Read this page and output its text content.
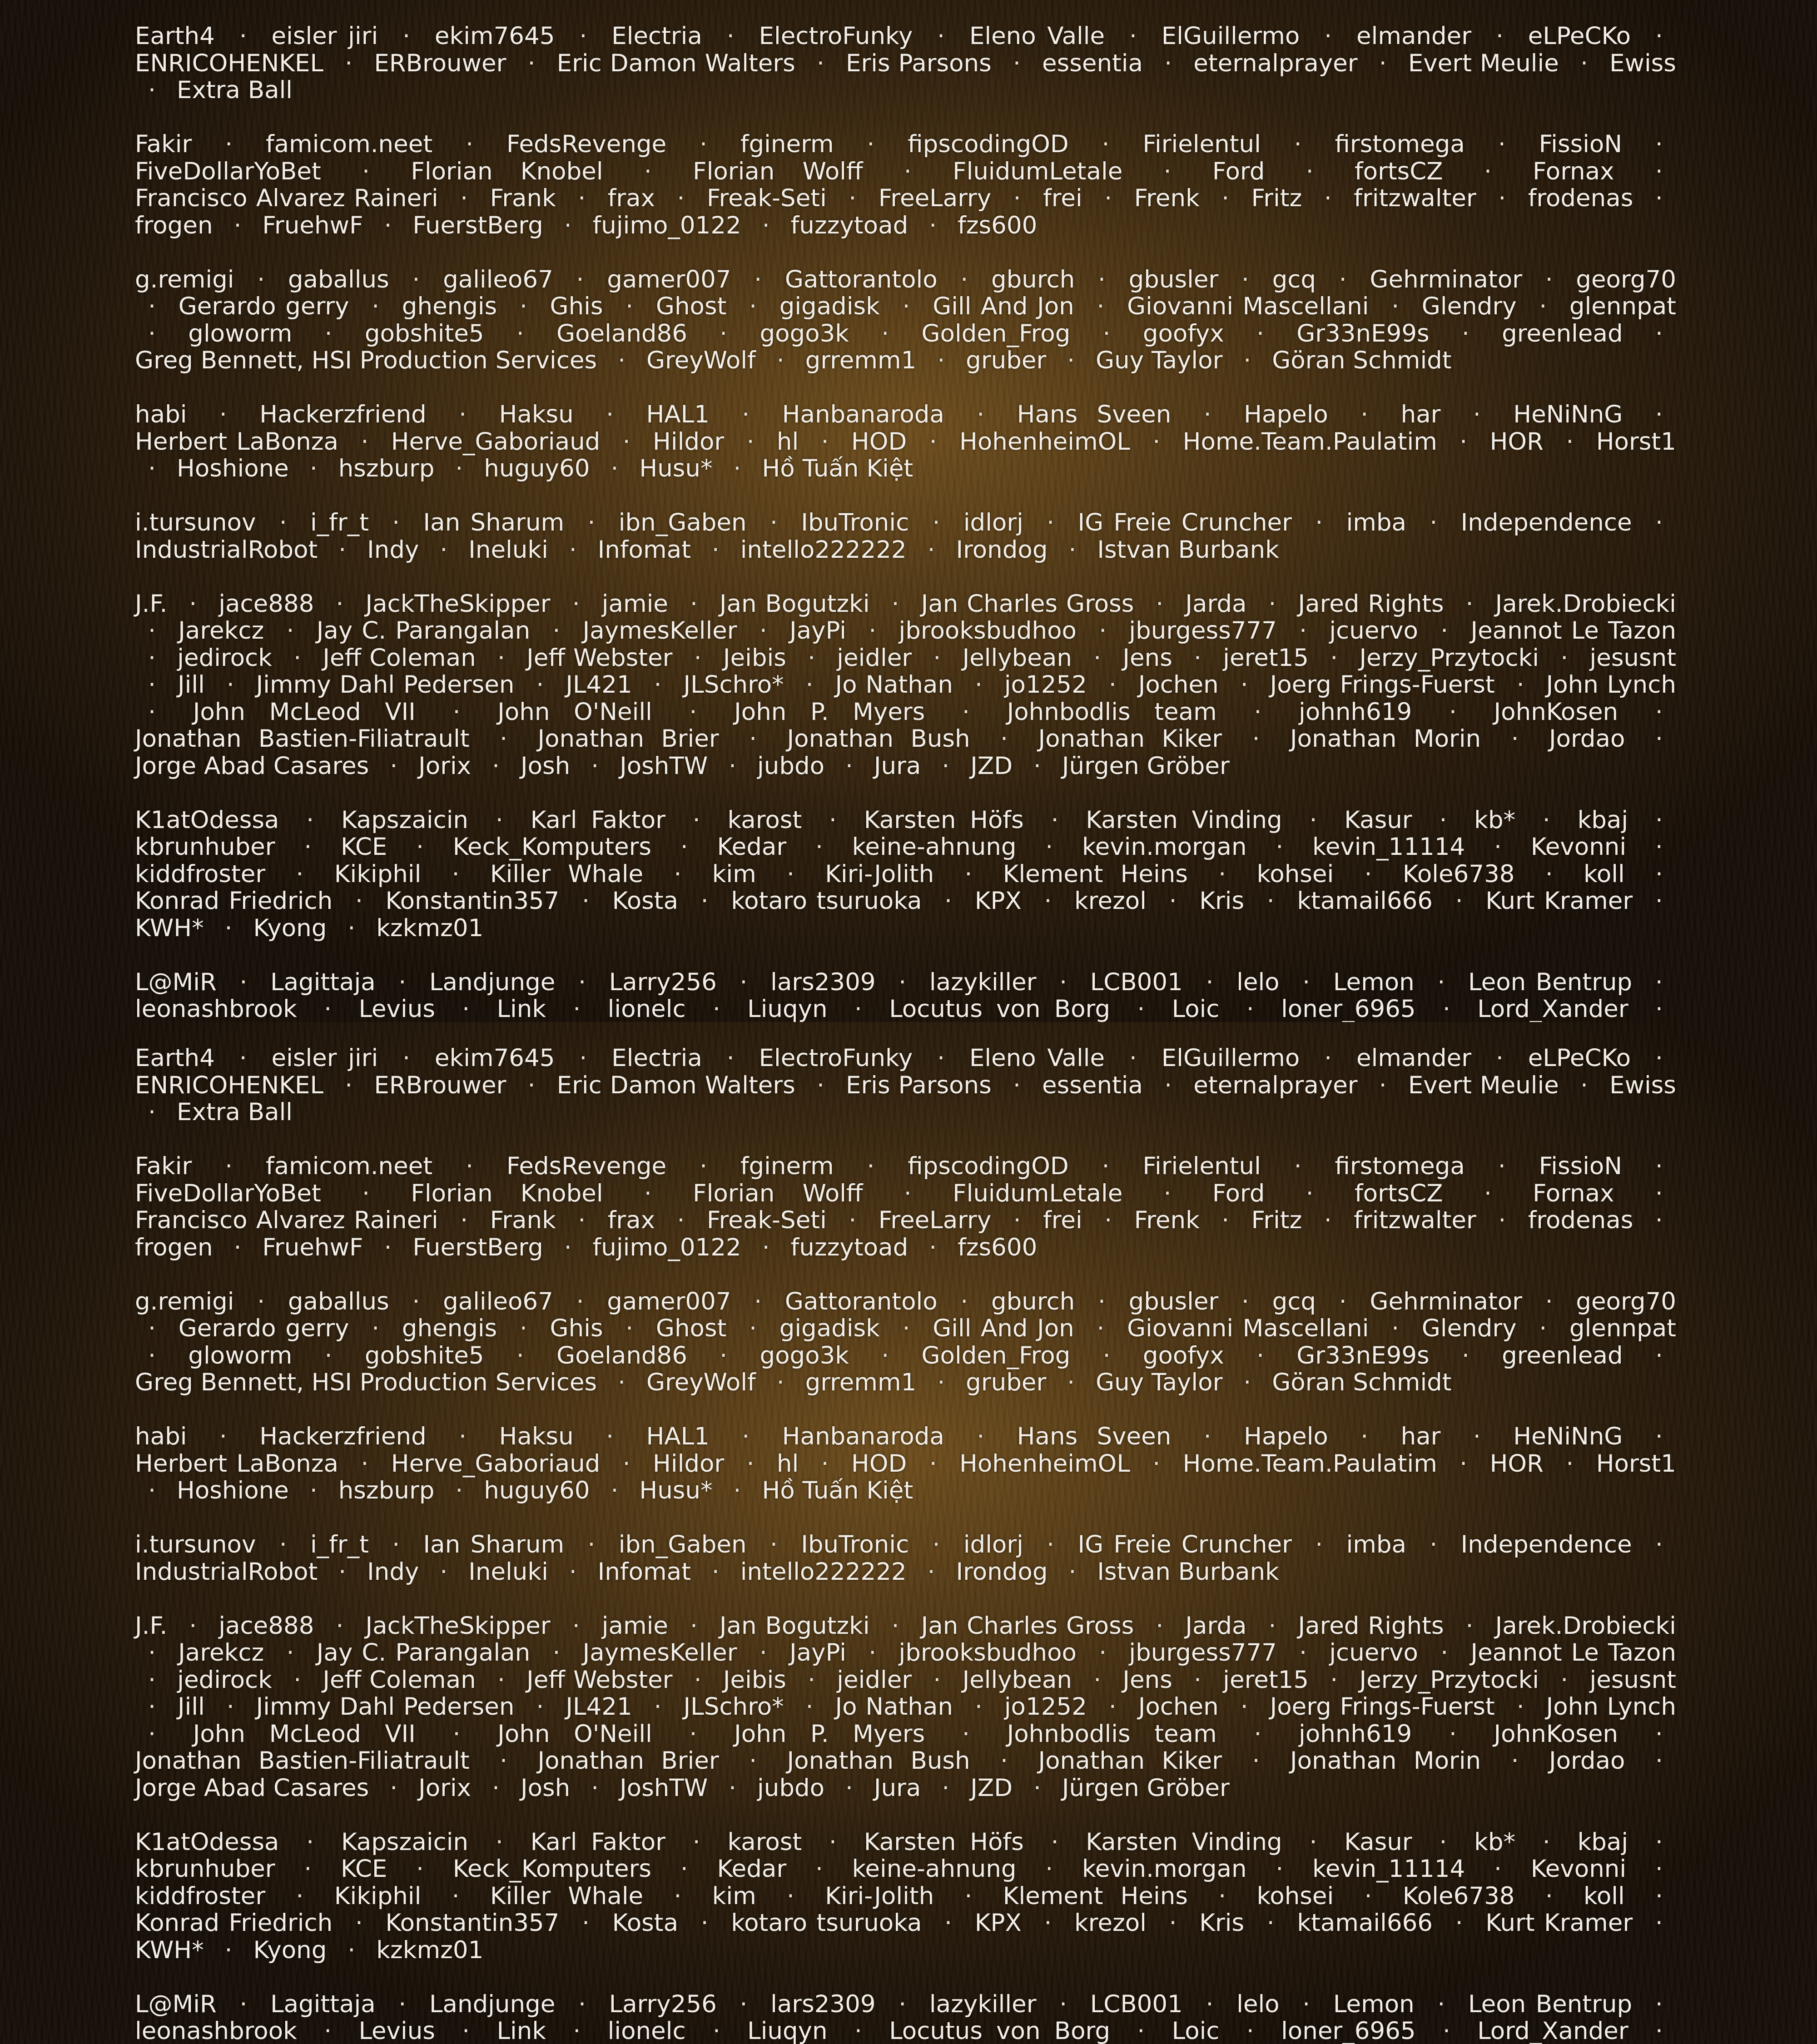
Earth4 · eisler jiri · ekim7645 · Electria · ElectroFunky · Eleno Valle · ElGuillermo · elmander · eLPeCKo · ENRICOHENKEL · ERBrouwer · Eric Damon Walters · Eris Parsons · essentia · eternalprayer · Evert Meulie · Ewiss · Extra Ball
Fakir · famicom.neet · FedsRevenge · fginerm · fipscodingOD · Firielentul · firstomega · FissioN · FiveDollarYoBet · Florian Knobel · Florian Wolff · FluidumLetale · Ford · fortsCZ · Fornax · Francisco Alvarez Raineri · Frank · frax · Freak-Seti · FreeLarry · frei · Frenk · Fritz · fritzwalter · frodenas · frogen · FruehwF · FuerstBerg · fujimo_0122 · fuzzytoad · fzs600
g.remigi · gaballus · galileo67 · gamer007 · Gattorantolo · gburch · gbusler · gcq · Gehrminator · georg70 · Gerardo gerry · ghengis · Ghis · Ghost · gigadisk · Gill And Jon · Giovanni Mascellani · Glendry · glennpat · gloworm · gobshite5 · Goeland86 · gogo3k · Golden_Frog · goofyx · Gr33nE99s · greenlead · Greg Bennett, HSI Production Services · GreyWolf · grremm1 · gruber · Guy Taylor · Göran Schmidt
habi · Hackerzfriend · Haksu · HAL1 · Hanbanaroda · Hans Sveen · Hapelo · har · HeNiNnG · Herbert LaBonza · Herve_Gaboriaud · Hildor · hl · HOD · HohenheimOL · Home.Team.Paulatim · HOR · Horst1 · Hoshione · hszburp · huguy60 · Husu* · Hồ Tuấn Kiệt
i.tursunov · i_fr_t · Ian Sharum · ibn_Gaben · IbuTronic · idlorj · IG Freie Cruncher · imba · Independence · IndustrialRobot · Indy · Ineluki · Infomat · intello222222 · Irondog · Istvan Burbank
J.F. · jace888 · JackTheSkipper · jamie · Jan Bogutzki · Jan Charles Gross · Jarda · Jared Rights · Jarek.Drobiecki · Jarekcz · Jay C. Parangalan · JaymesKeller · JayPi · jbrooksbudhoo · jburgess777 · jcuervo · Jeannot Le Tazon · jedirock · Jeff Coleman · Jeff Webster · Jeibis · jeidler · Jellybean · Jens · jeret15 · Jerzy_Przytocki · jesusnt · Jill · Jimmy Dahl Pedersen · JL421 · JLSchro* · Jo Nathan · jo1252 · Jochen · Joerg Frings-Fuerst · John Lynch · John McLeod VII · John O'Neill · John P. Myers · Johnbodlis team · johnh619 · JohnKosen · Jonathan Bastien-Filiatrault · Jonathan Brier · Jonathan Bush · Jonathan Kiker · Jonathan Morin · Jordao · Jorge Abad Casares · Jorix · Josh · JoshTW · jubdo · Jura · JZD · Jürgen Gröber
K1atOdessa · Kapszaicin · Karl Faktor · karost · Karsten Höfs · Karsten Vinding · Kasur · kb* · kbaj · kbrunhuber · KCE · Keck_Komputers · Kedar · keine-ahnung · kevin.morgan · kevin_11114 · Kevonni · kiddfroster · Kikiphil · Killer Whale · kim · Kiri-Jolith · Klement Heins · kohsei · Kole6738 · koll · Konrad Friedrich · Konstantin357 · Kosta · kotaro tsuruoka · KPX · krezol · Kris · ktamail666 · Kurt Kramer · KWH* · Kyong · kzkmz01
L@MiR · Lagittaja · Landjunge · Larry256 · lars2309 · lazykiller · LCB001 · lelo · Lemon · Leon Bentrup · leonashbrook · Levius · Link · lionelc · Liuqyn · Locutus von Borg · Loic · loner_6965 · Lord_Xander ·
Earth4 · eisler jiri · ekim7645 · Electria · ElectroFunky · Eleno Valle · ElGuillermo · elmander · eLPeCKo · ENRICOHENKEL · ERBrouwer · Eric Damon Walters · Eris Parsons · essentia · eternalprayer · Evert Meulie · Ewiss · Extra Ball
Fakir · famicom.neet · FedsRevenge · fginerm · fipscodingOD · Firielentul · firstomega · FissioN · FiveDollarYoBet · Florian Knobel · Florian Wolff · FluidumLetale · Ford · fortsCZ · Fornax · Francisco Alvarez Raineri · Frank · frax · Freak-Seti · FreeLarry · frei · Frenk · Fritz · fritzwalter · frodenas · frogen · FruehwF · FuerstBerg · fujimo_0122 · fuzzytoad · fzs600
g.remigi · gaballus · galileo67 · gamer007 · Gattorantolo · gburch · gbusler · gcq · Gehrminator · georg70 · Gerardo gerry · ghengis · Ghis · Ghost · gigadisk · Gill And Jon · Giovanni Mascellani · Glendry · glennpat · gloworm · gobshite5 · Goeland86 · gogo3k · Golden_Frog · goofyx · Gr33nE99s · greenlead · Greg Bennett, HSI Production Services · GreyWolf · grremm1 · gruber · Guy Taylor · Göran Schmidt
habi · Hackerzfriend · Haksu · HAL1 · Hanbanaroda · Hans Sveen · Hapelo · har · HeNiNnG · Herbert LaBonza · Herve_Gaboriaud · Hildor · hl · HOD · HohenheimOL · Home.Team.Paulatim · HOR · Horst1 · Hoshione · hszburp · huguy60 · Husu* · Hồ Tuấn Kiệt
i.tursunov · i_fr_t · Ian Sharum · ibn_Gaben · IbuTronic · idlorj · IG Freie Cruncher · imba · Independence · IndustrialRobot · Indy · Ineluki · Infomat · intello222222 · Irondog · Istvan Burbank
J.F. · jace888 · JackTheSkipper · jamie · Jan Bogutzki · Jan Charles Gross · Jarda · Jared Rights · Jarek.Drobiecki · Jarekcz · Jay C. Parangalan · JaymesKeller · JayPi · jbrooksbudhoo · jburgess777 · jcuervo · Jeannot Le Tazon · jedirock · Jeff Coleman · Jeff Webster · Jeibis · jeidler · Jellybean · Jens · jeret15 · Jerzy_Przytocki · jesusnt · Jill · Jimmy Dahl Pedersen · JL421 · JLSchro* · Jo Nathan · jo1252 · Jochen · Joerg Frings-Fuerst · John Lynch · John McLeod VII · John O'Neill · John P. Myers · Johnbodlis team · johnh619 · JohnKosen · Jonathan Bastien-Filiatrault · Jonathan Brier · Jonathan Bush · Jonathan Kiker · Jonathan Morin · Jordao · Jorge Abad Casares · Jorix · Josh · JoshTW · jubdo · Jura · JZD · Jürgen Gröber
K1atOdessa · Kapszaicin · Karl Faktor · karost · Karsten Höfs · Karsten Vinding · Kasur · kb* · kbaj · kbrunhuber · KCE · Keck_Komputers · Kedar · keine-ahnung · kevin.morgan · kevin_11114 · Kevonni · kiddfroster · Kikiphil · Killer Whale · kim · Kiri-Jolith · Klement Heins · kohsei · Kole6738 · koll · Konrad Friedrich · Konstantin357 · Kosta · kotaro tsuruoka · KPX · krezol · Kris · ktamail666 · Kurt Kramer · KWH* · Kyong · kzkmz01
L@MiR · Lagittaja · Landjunge · Larry256 · lars2309 · lazykiller · LCB001 · lelo · Lemon · Leon Bentrup · leonashbrook · Levius · Link · lionelc · Liuqyn · Locutus von Borg · Loic · loner_6965 · Lord_Xander ·
